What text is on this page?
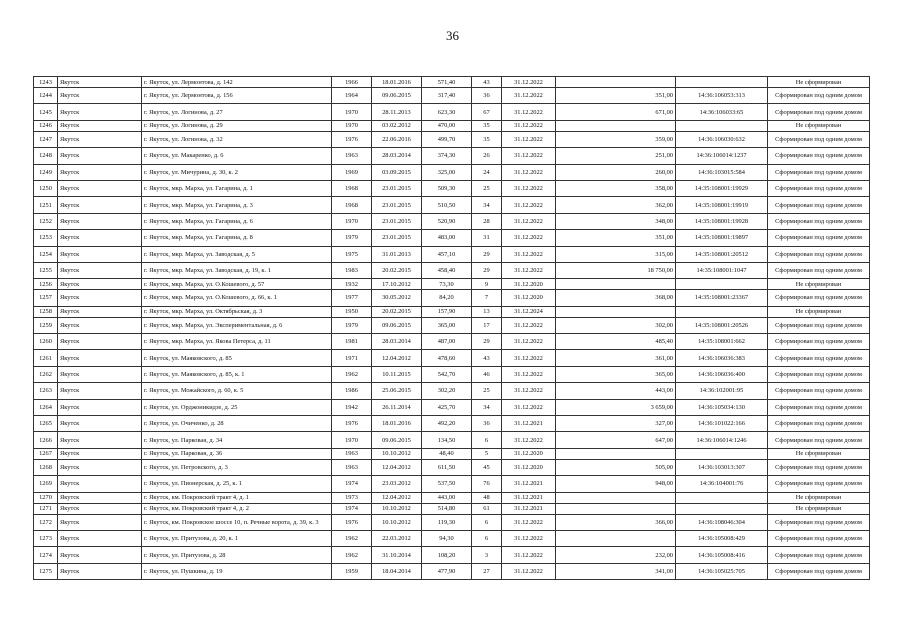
36
1243	Якутск	г. Якутск, ул. Лермонтова, д. 142	1966	18.01.2016	571,40	43	31.12.2022			Не сформирован
1244	Якутск	г. Якутск, ул. Лермонтова, д. 156	1964	09.06.2015	317,40	36	31.12.2022	351,00	14:36:106053:313	Сформирован под одним домом
1245	Якутск	г. Якутск, ул. Логинова, д. 27	1970	28.11.2013	623,30	67	31.12.2022	671,00	14:36:106033:65	Сформирован под одним домом
1246	Якутск	г. Якутск, ул. Логинова, д. 29	1970	03.02.2012	470,00	35	31.12.2022			Не сформирован
1247	Якутск	г. Якутск, ул. Логинова, д. 32	1976	22.06.2016	499,70	35	31.12.2022	359,00	14:36:106030:632	Сформирован под одним домом
1248	Якутск	г. Якутск, ул. Макаренко, д. 6	1963	28.03.2014	374,30	26	31.12.2022	251,00	14:36:106014:1237	Сформирован под одним домом
1249	Якутск	г. Якутск, ул. Мичурина, д. 30, к. 2	1969	03.09.2015	325,00	24	31.12.2022	260,00	14:36:103015:584	Сформирован под одним домом
1250	Якутск	г. Якутск, мкр. Марха, ул. Гагарина, д. 1	1968	23.01.2015	509,30	25	31.12.2022	358,00	14:35:108001:19929	Сформирован под одним домом
1251	Якутск	г. Якутск, мкр. Марха, ул. Гагарина, д. 3	1968	23.01.2015	510,50	34	31.12.2022	362,00	14:35:108001:19919	Сформирован под одним домом
1252	Якутск	г. Якутск, мкр. Марха, ул. Гагарина, д. 6	1970	23.01.2015	520,90	28	31.12.2022	348,00	14:35:108001:19928	Сформирован под одним домом
1253	Якутск	г. Якутск, мкр. Марха, ул. Гагарина, д. 8	1979	23.01.2015	483,00	31	31.12.2022	351,00	14:35:108001:19897	Сформирован под одним домом
1254	Якутск	г. Якутск, мкр. Марха, ул. Заводская, д. 5	1975	31.01.2013	457,10	29	31.12.2022	315,00	14:35:108001:20512	Сформирован под одним домом
1255	Якутск	г. Якутск, мкр. Марха, ул. Заводская, д. 19, к. 1	1983	20.02.2015	458,40	29	31.12.2022	18 750,00	14:35:108001:1047	Сформирован под одним домом
1256	Якутск	г. Якутск, мкр. Марха, ул. О.Кошевого, д. 57	1932	17.10.2012	73,30	9	31.12.2020			Не сформирован
1257	Якутск	г. Якутск, мкр. Марха, ул. О.Кошевого, д. 66, к. 1	1977	30.05.2012	84,20	7	31.12.2020	368,00	14:35:108001:23367	Сформирован под одним домом
1258	Якутск	г. Якутск, мкр. Марха, ул. Октябрьская, д. 3	1950	20.02.2015	157,90	13	31.12.2024			Не сформирован
1259	Якутск	г. Якутск, мкр. Марха, ул. Экспериментальная, д. 6	1979	09.06.2015	365,00	17	31.12.2022	302,00	14:35:108001:20526	Сформирован под одним домом
1260	Якутск	г. Якутск, мкр. Марха, ул. Якова Петерса, д. 11	1981	28.03.2014	487,00	29	31.12.2022	485,40	14:35:108001:662	Сформирован под одним домом
1261	Якутск	г. Якутск, ул. Маяковского, д. 85	1971	12.04.2012	478,60	43	31.12.2022	361,00	14:36:106036:383	Сформирован под одним домом
1262	Якутск	г. Якутск, ул. Маяковского, д. 85, к. 1	1962	10.11.2015	542,70	46	31.12.2022	365,00	14:36:106036:400	Сформирован под одним домом
1263	Якутск	г. Якутск, ул. Можайского, д. 60, к. 5	1986	25.06.2015	302,20	25	31.12.2022	443,00	14:36:102001:95	Сформирован под одним домом
1264	Якутск	г. Якутск, ул. Орджоникидзе, д. 25	1942	26.11.2014	425,70	34	31.12.2022	3 659,00	14:36:105034:130	Сформирован под одним домом
1265	Якутск	г. Якутск, ул. Очиченко, д. 28	1976	18.01.2016	492,20	36	31.12.2021	327,00	14:36:101022:166	Сформирован под одним домом
1266	Якутск	г. Якутск, ул. Парковая, д. 34	1970	09.06.2015	134,50	6	31.12.2022	647,00	14:36:106014:1246	Сформирован под одним домом
1267	Якутск	г. Якутск, ул. Парковая, д. 36	1963	10.10.2012	48,40	5	31.12.2020			Не сформирован
1268	Якутск	г. Якутск, ул. Петровского, д. 3	1963	12.04.2012	611,50	45	31.12.2020	505,00	14:36:103013:307	Сформирован под одним домом
1269	Якутск	г. Якутск, ул. Пионерская, д. 25, к. 1	1974	23.03.2012	537,50	76	31.12.2021	948,00	14:36:104001:76	Сформирован под одним домом
1270	Якутск	г. Якутск, км. Покровский тракт 4, д. 1	1973	12.04.2012	443,00	48	31.12.2021			Не сформирован
1271	Якутск	г. Якутск, км. Покровский тракт 4, д. 2	1974	10.10.2012	514,80	61	31.12.2021			Не сформирован
1272	Якутск	г. Якутск, км. Покровское шоссе 10, п. Речные ворота, д. 39, к. 3	1976	10.10.2012	119,30	6	31.12.2022	366,00	14:36:108046:304	Сформирован под одним домом
1273	Якутск	г. Якутск, ул. Притузова, д. 20, к. 1	1962	22.03.2012	94,30	6	31.12.2022		14:36:105008:429	Сформирован под одним домом
1274	Якутск	г. Якутск, ул. Притузова, д. 28	1962	31.10.2014	108,20	3	31.12.2022	232,00	14:36:105008:416	Сформирован под одним домом
1275	Якутск	г. Якутск, ул. Пушкина, д. 19	1959	18.04.2014	477,90	27	31.12.2022	341,00	14:36:105025:705	Сформирован под одним домом
